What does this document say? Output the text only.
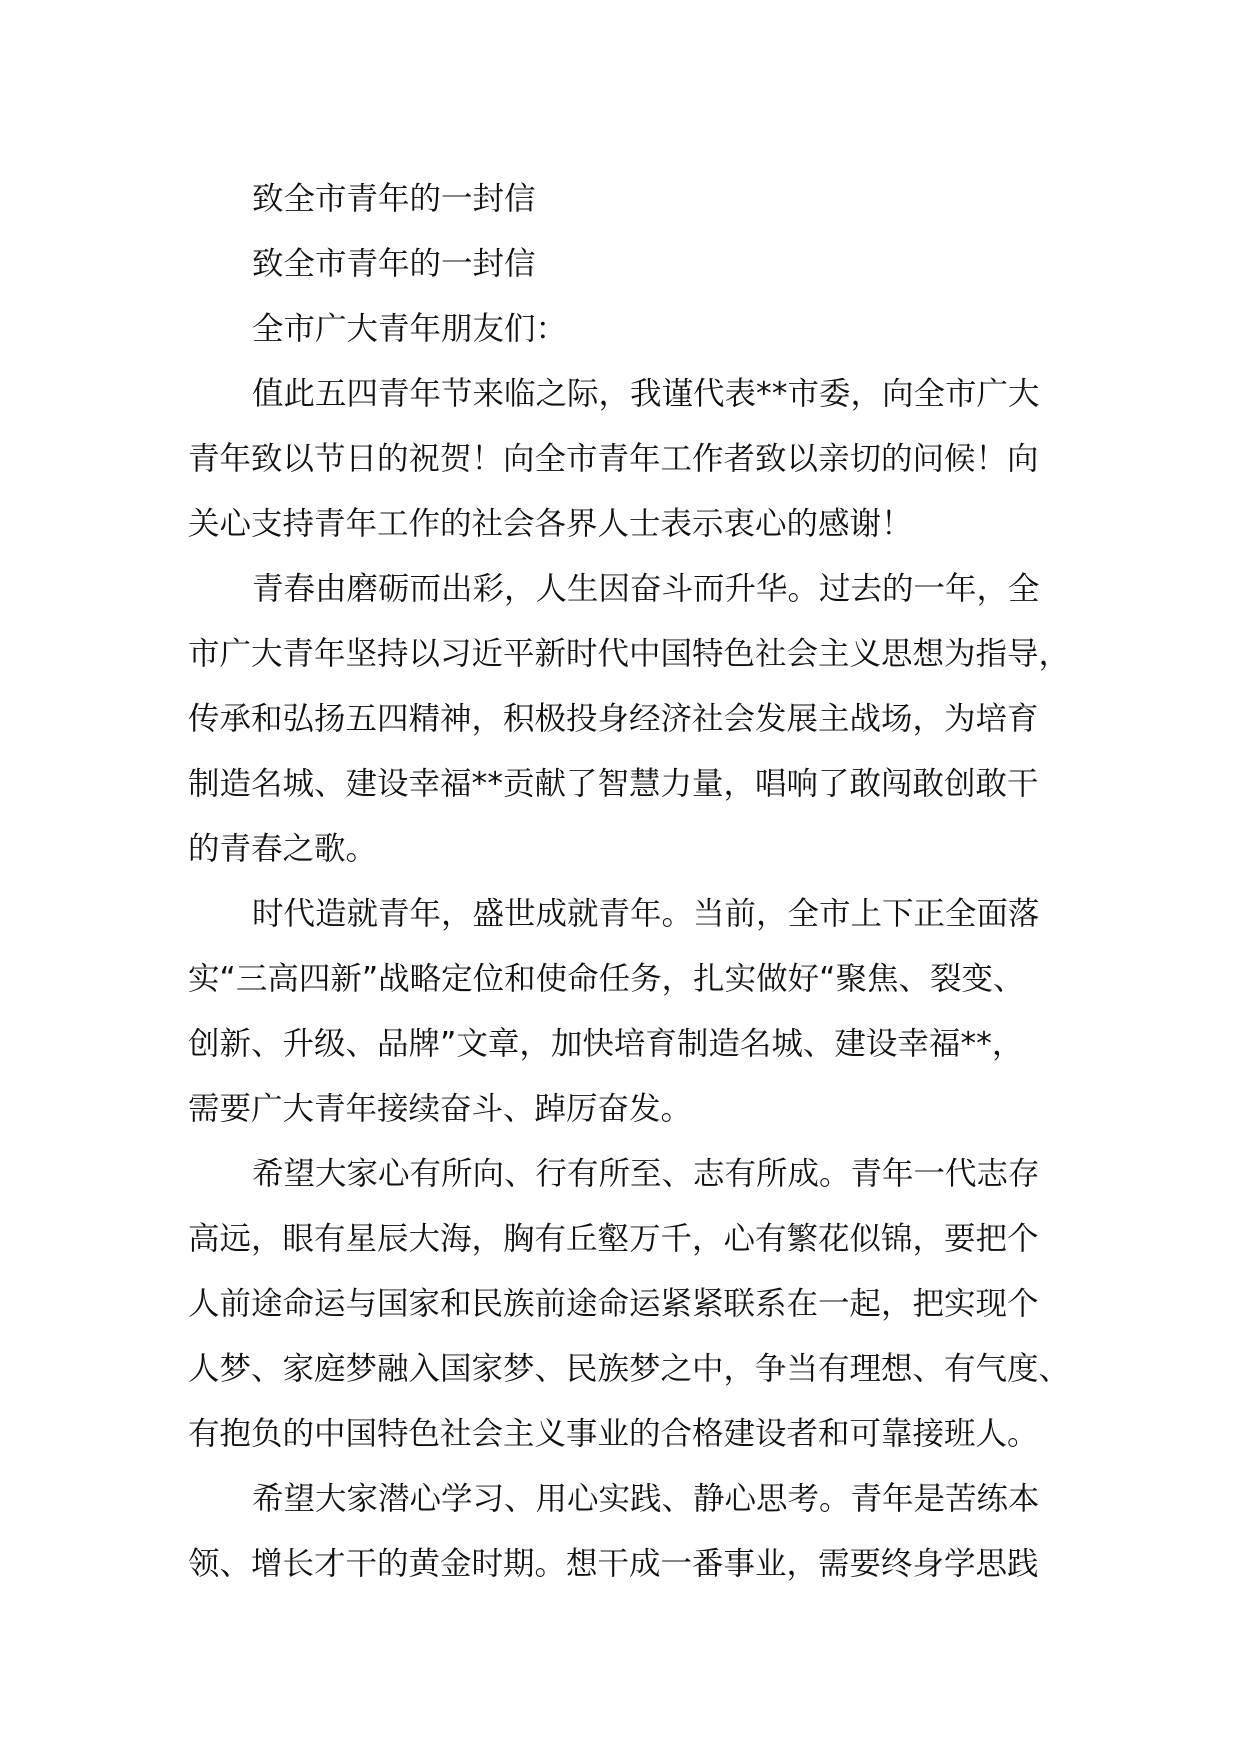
致全市青年的一封信
致全市青年的一封信
全市广大青年朋友们：
值此五四青年节来临之际，我谨代表**市委，向全市广大
青年致以节日的祝贺！向全市青年工作者致以亲切的问候！向
关心支持青年工作的社会各界人士表示衷心的感谢！
青春由磨砺而出彩，人生因奋斗而升华。过去的一年，全
市广大青年坚持以习近平新时代中国特色社会主义思想为指导，
传承和弘扬五四精神，积极投身经济社会发展主战场，为培育
制造名城、建设幸福**贡献了智慧力量，唱响了敢闯敢创敢干
的青春之歌。
时代造就青年，盛世成就青年。当前，全市上下正全面落
实“三高四新”战略定位和使命任务，扎实做好“聚焦、裂变、
创新、升级、品牌”文章，加快培育制造名城、建设幸福**，
需要广大青年接续奋斗、踔厉奋发。
希望大家心有所向、行有所至、志有所成。青年一代志存
高远，眼有星辰大海，胸有丘壑万千，心有繁花似锦，要把个
人前途命运与国家和民族前途命运紧紧联系在一起，把实现个
人梦、家庭梦融入国家梦、民族梦之中，争当有理想、有气度、
有抱负的中国特色社会主义事业的合格建设者和可靠接班人。
希望大家潜心学习、用心实践、静心思考。青年是苦练本
领、增长才干的黄金时期。想干成一番事业，需要终身学思践
